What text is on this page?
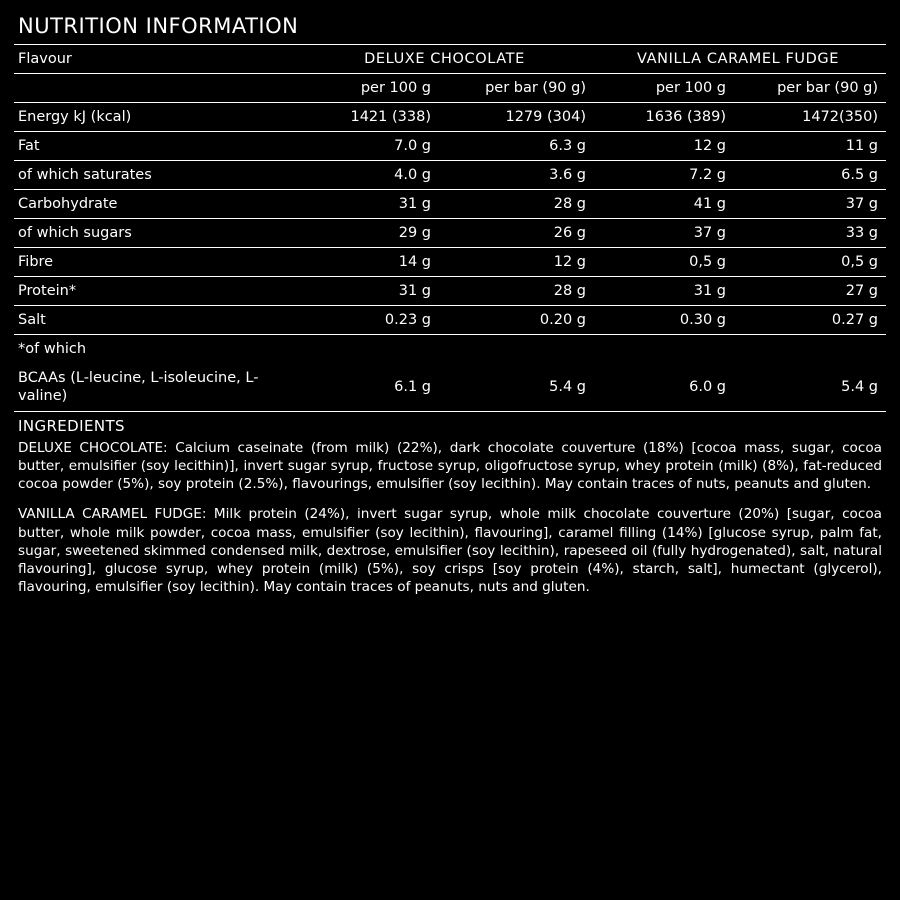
NUTRITION INFORMATION
Flavour	DELUXE CHOCOLATE		VANILLA CARAMEL FUDGE	
	per 100 g	per bar (90 g)	per 100 g	per bar (90 g)
Energy kJ (kcal)	1421 (338)	1279 (304)	1636 (389)	1472(350)
Fat	7.0 g	6.3 g	12 g	11 g
of which saturates	4.0 g	3.6 g	7.2 g	6.5 g
Carbohydrate	31 g	28 g	41 g	37 g
of which sugars	29 g	26 g	37 g	33 g
Fibre	14 g	12 g	0,5 g	0,5 g
Protein*	31 g	28 g	31 g	27 g
Salt	0.23 g	0.20 g	0.30 g	0.27 g
*of which				
BCAAs (L-leucine, L-isoleucine, L-valine)	6.1 g	5.4 g	6.0 g	5.4 g
INGREDIENTS

DELUXE CHOCOLATE: Calcium caseinate (from milk) (22%), dark chocolate couverture (18%) [cocoa mass, sugar, cocoa butter, emulsifier (soy lecithin)], invert sugar syrup, fructose syrup, oligofructose syrup, whey protein (milk) (8%), fat-reduced cocoa powder (5%), soy protein (2.5%), flavourings, emulsifier (soy lecithin). May contain traces of nuts, peanuts and gluten.

VANILLA CARAMEL FUDGE: Milk protein (24%), invert sugar syrup, whole milk chocolate couverture (20%) [sugar, cocoa butter, whole milk powder, cocoa mass, emulsifier (soy lecithin), flavouring], caramel filling (14%) [glucose syrup, palm fat, sugar, sweetened skimmed condensed milk, dextrose, emulsifier (soy lecithin), rapeseed oil (fully hydrogenated), salt, natural flavouring], glucose syrup, whey protein (milk) (5%), soy crisps [soy protein (4%), starch, salt], humectant (glycerol), flavouring, emulsifier (soy lecithin). May contain traces of peanuts, nuts and gluten.
